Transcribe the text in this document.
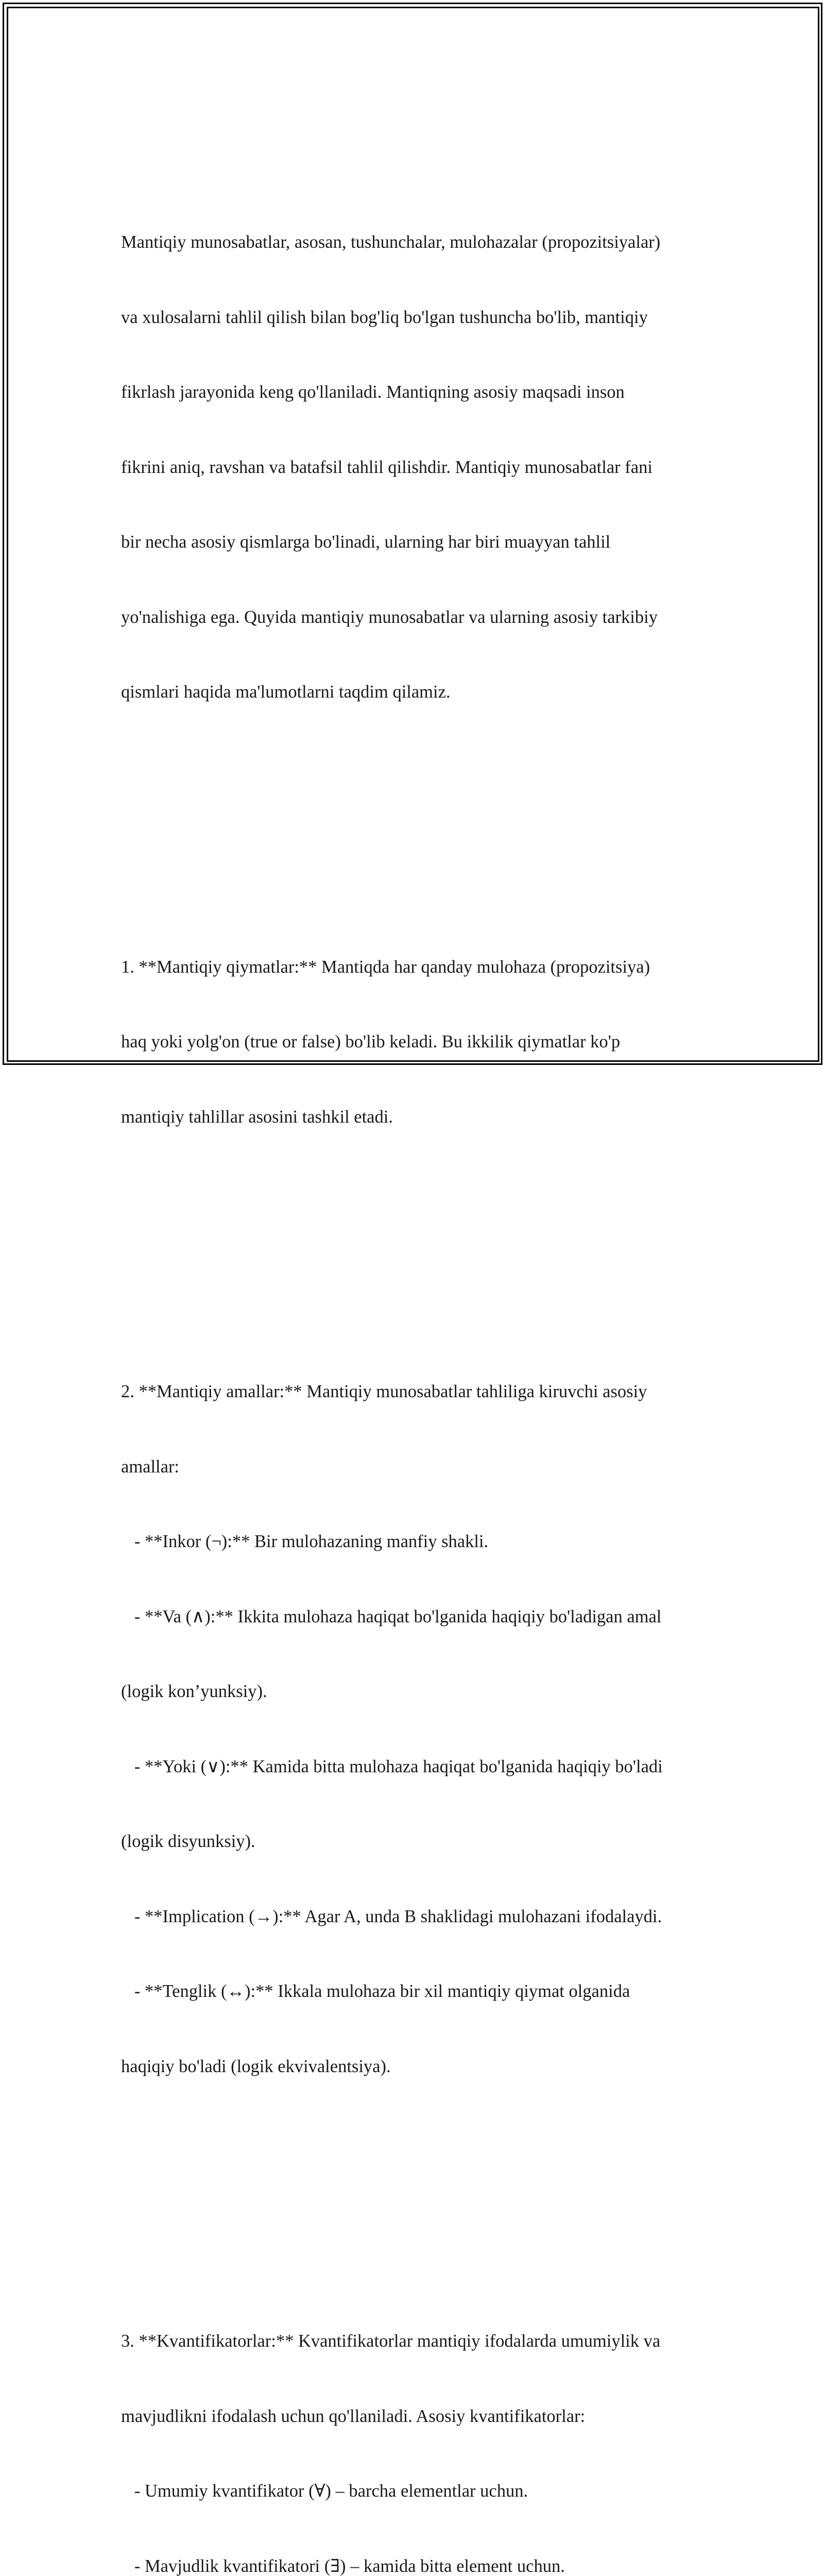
Mantiqiy munosabatlar, asosan, tushunchalar, mulohazalar (propozitsiyalar)

va xulosalarni tahlil qilish bilan bog'liq bo'lgan tushuncha bo'lib, mantiqiy

fikrlash jarayonida keng qo'llaniladi. Mantiqning asosiy maqsadi inson

fikrini aniq, ravshan va batafsil tahlil qilishdir. Mantiqiy munosabatlar fani

bir necha asosiy qismlarga bo'linadi, ularning har biri muayyan tahlil

yo'nalishiga ega. Quyida mantiqiy munosabatlar va ularning asosiy tarkibiy

qismlari haqida ma'lumotlarni taqdim qilamiz.

1. **Mantiqiy qiymatlar:** Mantiqda har qanday mulohaza (propozitsiya)

haq yoki yolg'on (true or false) bo'lib keladi. Bu ikkilik qiymatlar ko'p

mantiqiy tahlillar asosini tashkil etadi.

2. **Mantiqiy amallar:** Mantiqiy munosabatlar tahliliga kiruvchi asosiy

amallar:

- **Inkor (¬):** Bir mulohazaning manfiy shakli.

- **Va (∧):** Ikkita mulohaza haqiqat bo'lganida haqiqiy bo'ladigan amal

(logik kon’yunksiy).

- **Yoki (∨):** Kamida bitta mulohaza haqiqat bo'lganida haqiqiy bo'ladi

(logik disyunksiy).

- **Implication (→):** Agar A, unda B shaklidagi mulohazani ifodalaydi.

- **Tenglik (↔):** Ikkala mulohaza bir xil mantiqiy qiymat olganida

haqiqiy bo'ladi (logik ekvivalentsiya).

3. **Kvantifikatorlar:** Kvantifikatorlar mantiqiy ifodalarda umumiylik va

mavjudlikni ifodalash uchun qo'llaniladi. Asosiy kvantifikatorlar:

- Umumiy kvantifikator (∀) – barcha elementlar uchun.

- Mavjudlik kvantifikatori (∃) – kamida bitta element uchun.
